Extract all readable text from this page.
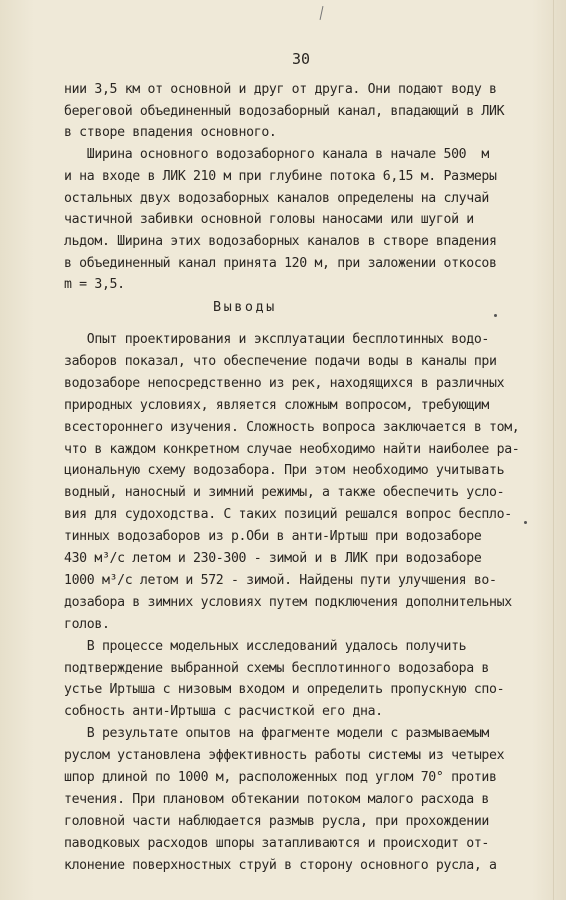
30
нии 3,5 км от основной и друг от друга. Они подают воду в
береговой объединенный водозаборный канал, впадающий в ЛИК
в створе впадения основного.
Ширина основного водозаборного канала в начале 500  м
и на входе в ЛИК 210 м при глубине потока 6,15 м. Размеры
остальных двух водозаборных каналов определены на случай
частичной забивки основной головы наносами или шугой и
льдом. Ширина этих водозаборных каналов в створе впадения
в объединенный канал принята 120 м, при заложении откосов
m = 3,5.
Выводы
Опыт проектирования и эксплуатации бесплотинных водо-
заборов показал, что обеспечение подачи воды в каналы при
водозаборе непосредственно из рек, находящихся в различных
природных условиях, является сложным вопросом, требующим
всестороннего изучения. Сложность вопроса заключается в том,
что в каждом конкретном случае необходимо найти наиболее ра-
циональную схему водозабора. При этом необходимо учитывать
водный, наносный и зимний режимы, а также обеспечить усло-
вия для судоходства. С таких позиций решался вопрос бесплo-
тинных водозаборов из р.Оби в анти-Иртыш при водозаборе
430 м³/с летом и 230-300 - зимой и в ЛИК при водозаборе
1000 м³/с летом и 572 - зимой. Найдены пути улучшения во-
дозабора в зимних условиях путем подключения дополнительных
голов.
В процессе модельных исследований удалось получить
подтверждение выбранной схемы бесплотинного водозабора в
устье Иртыша с низовым входом и определить пропускную спо-
собность анти-Иртыша с расчисткой его дна.
В результате опытов на фрагменте модели с размываемым
руслом установлена эффективность работы системы из четырех
шпор длиной по 1000 м, расположенных под углом 70° против
течения. При плановом обтекании потоком малого расхода в
головной части наблюдается размыв русла, при прохождении
паводковых расходов шпоры затапливаются и происходит от-
клонение поверхностных струй в сторону основного русла, а
